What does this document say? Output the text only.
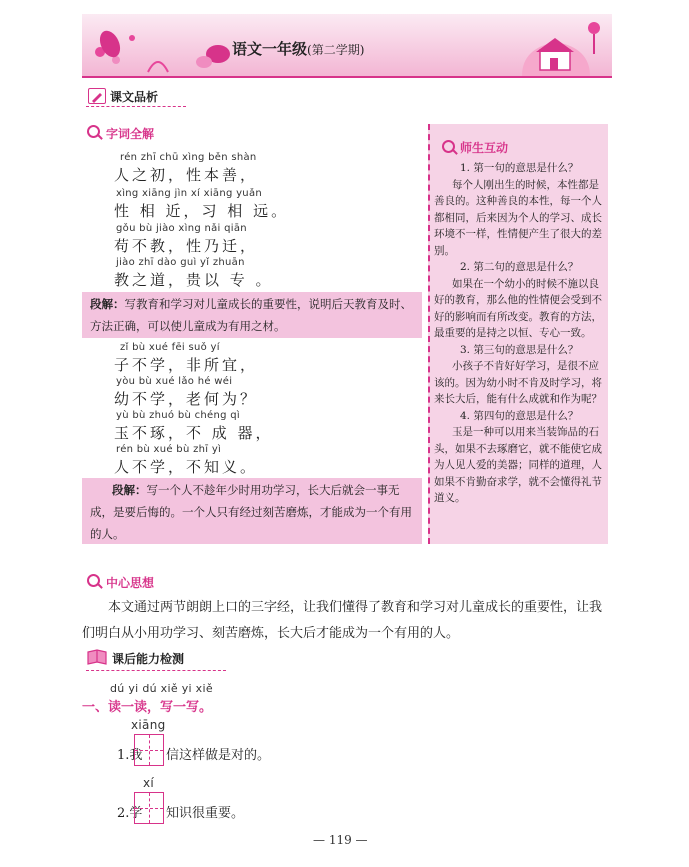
语文一年级(第二学期)
课文品析
字词全解
rén zhī chū xìng běn shàn
人之初，性本善，
xìng xiāng jìn xí xiāng yuǎn
性 相 近，习 相 远。
gǒu bù jiào xìng nǎi qiān
苟不教，性乃迁，
jiào zhī dào guì yǐ zhuān
教之道，贵以 专 。
段解：写教育和学习对儿童成长的重要性，说明后天教育及时、方法正确，可以使儿童成为有用之材。
zǐ bù xué fēi suǒ yí
子不学，非所宜，
yòu bù xué lǎo hé wéi
幼不学，老何为？
yù bù zhuó bù chéng qì
玉不琢，不 成 器，
rén bù xué bù zhī yì
人不学，不知义。
段解：写一个人不趁年少时用功学习，长大后就会一事无成，是要后悔的。一个人只有经过刻苦磨炼，才能成为一个有用的人。
师生互动

1. 第一句的意思是什么？

每个人刚出生的时候，本性都是善良的。这种善良的本性，每一个人都相同，后来因为个人的学习、成长环境不一样，性情便产生了很大的差别。

2. 第二句的意思是什么？

如果在一个幼小的时候不施以良好的教育，那么他的性情便会受到不好的影响而有所改变。教育的方法，最重要的是持之以恒、专心一致。

3. 第三句的意思是什么？

小孩子不肯好好学习，是很不应该的。因为幼小时不肯及时学习，将来长大后，能有什么成就和作为呢？

4. 第四句的意思是什么？

玉是一种可以用来当装饰品的石头，如果不去琢磨它，就不能使它成为人见人爱的美器；同样的道理，人如果不肯勤奋求学，就不会懂得礼节道义。

中心思想
本文通过两节朗朗上口的三字经，让我们懂得了教育和学习对儿童成长的重要性，让我们明白从小用功学习、刻苦磨炼，长大后才能成为一个有用的人。
课后能力检测
dú yi dú xiě yi xiě
一、读一读，写一写。
xiāng
1.我 信这样做是对的。
xí
2.学 知识很重要。
— 119 —
